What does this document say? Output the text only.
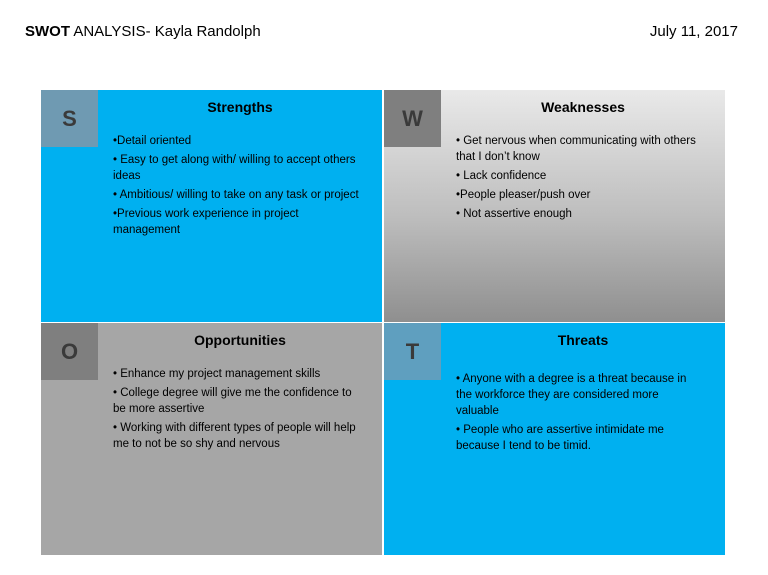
SWOT ANALYSIS- Kayla Randolph	July 11, 2017
S	Strengths
•Detail oriented
• Easy to get along with/ willing to accept others ideas
• Ambitious/ willing to take on any task or project
•Previous work experience in project management
W	Weaknesses
• Get nervous when communicating with others that I don’t know
• Lack confidence
•People pleaser/push over
• Not assertive enough
O	Opportunities
• Enhance my project management skills
• College degree will give me the confidence to be more assertive
• Working with different types of people will help me to not be so shy and nervous
T	Threats
• Anyone with a degree is a threat because in the workforce they are considered more valuable
• People who are assertive intimidate me because I tend to be timid.
